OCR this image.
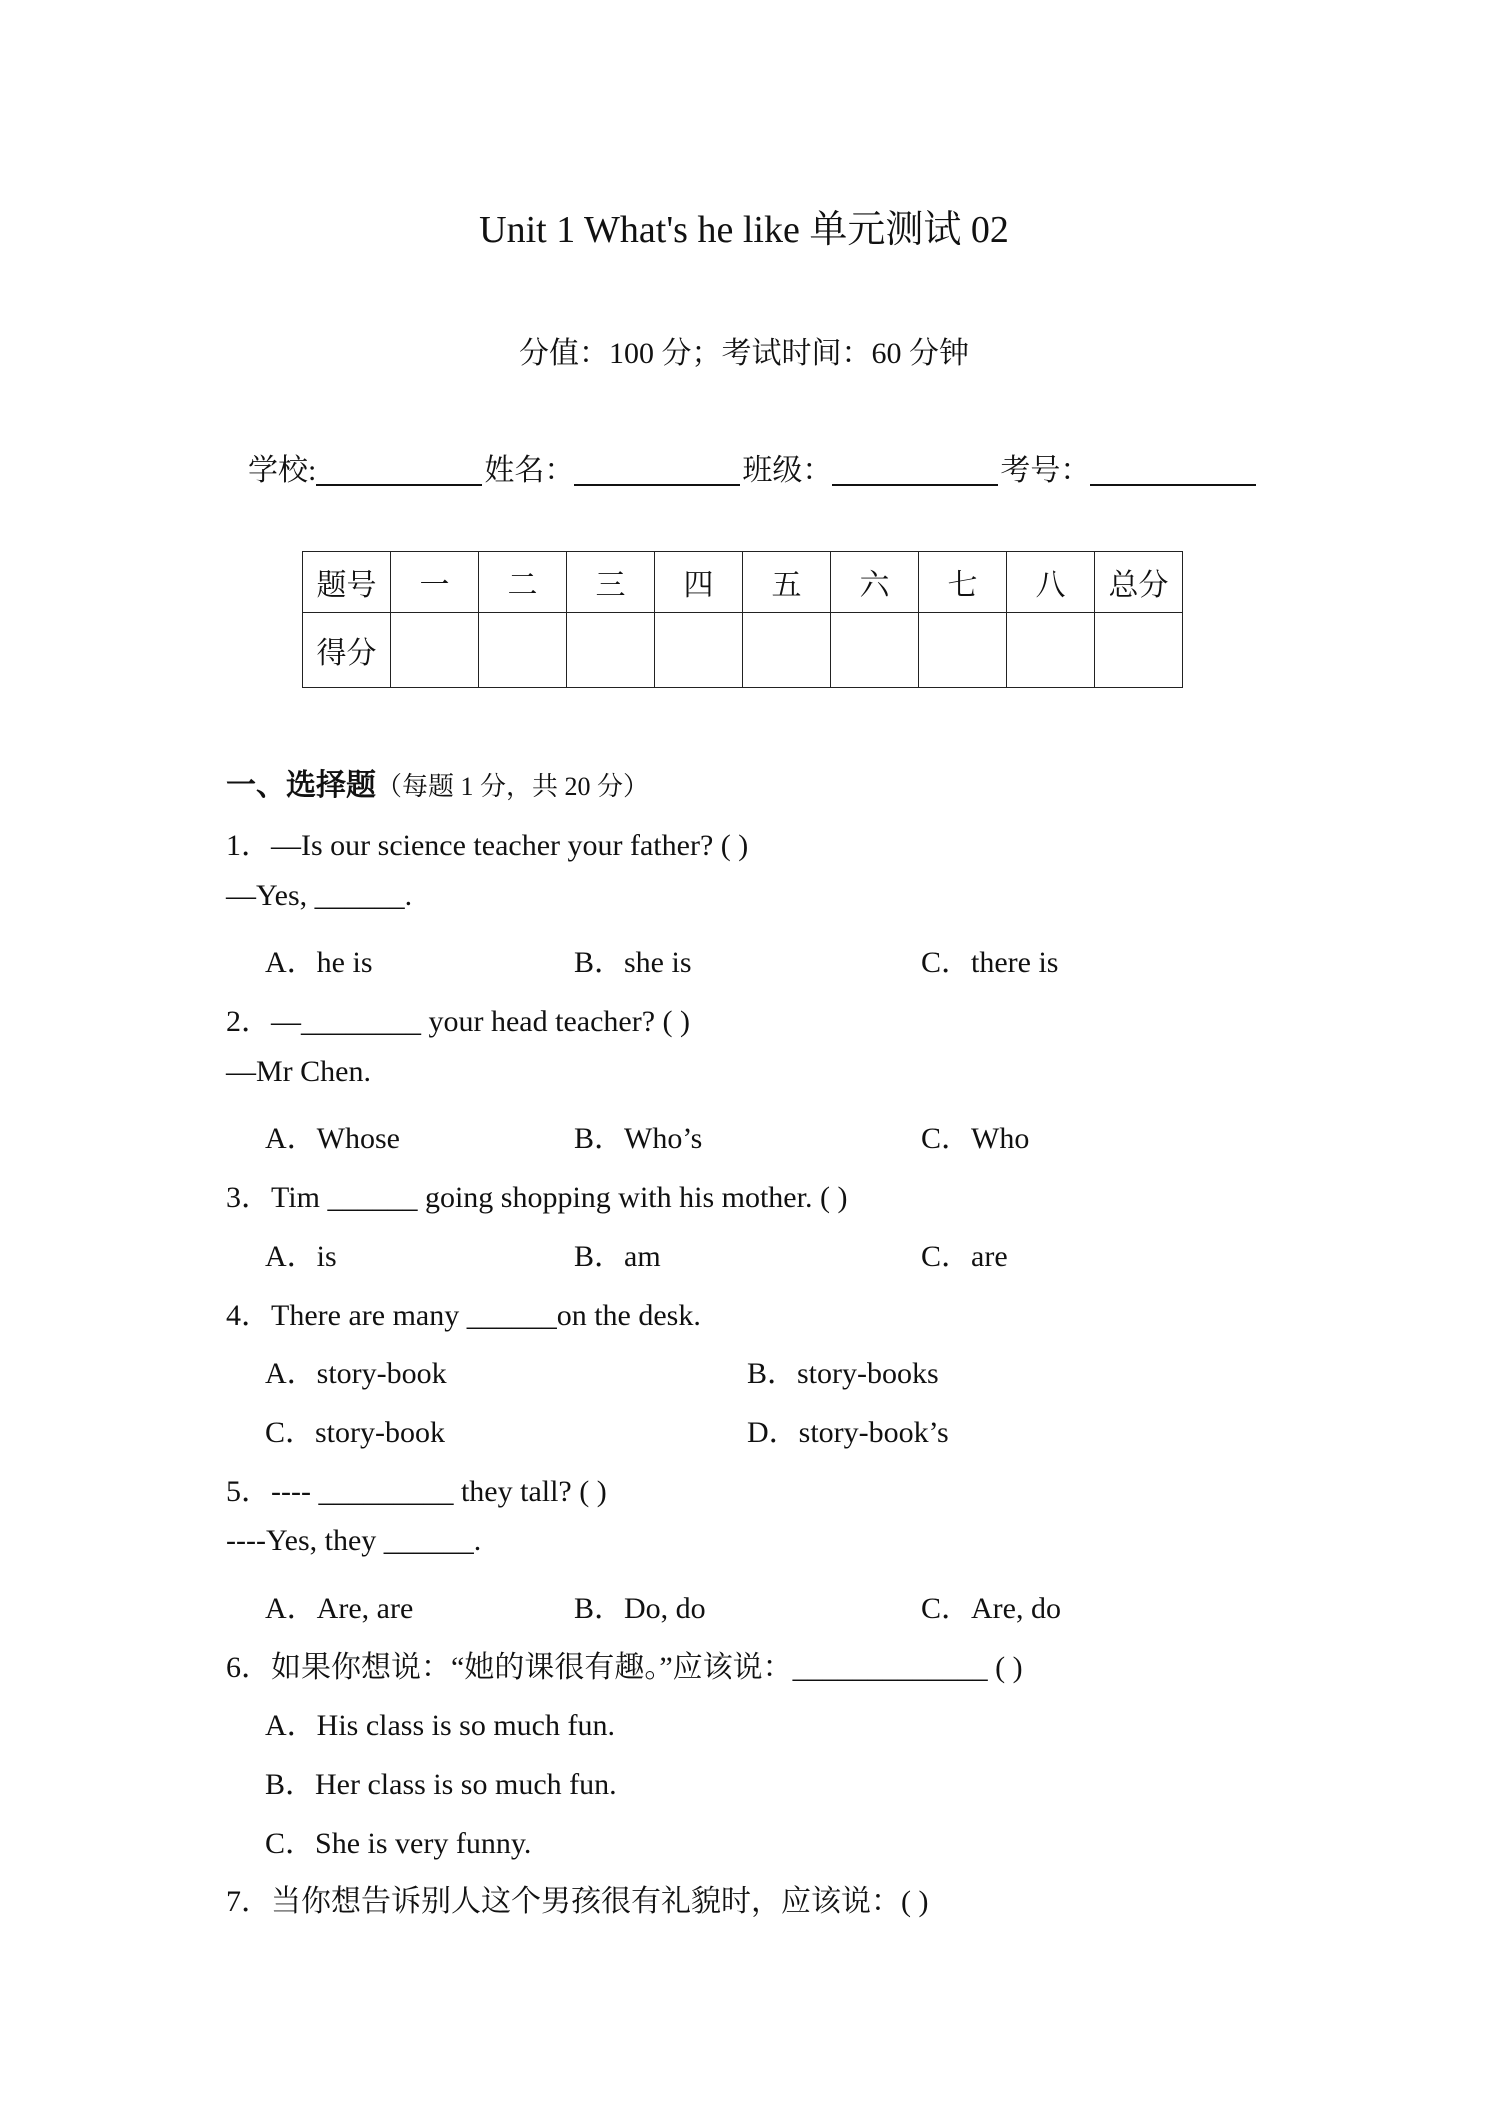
Unit 1 What's he like 单元测试 02
分值：100 分；考试时间：60 分钟
学校:	姓名：	班级：	考号：
题号	一	二	三	四	五	六	七	八	总分
得分									
一、选择题（每题 1 分，共 20 分）
1．—Is our science teacher your father? ( )
—Yes, ______.
A．he is	B．she is	C．there is
2．—________ your head teacher? ( )
—Mr Chen.
A．Whose	B．Who’s	C．Who
3．Tim ______ going shopping with his mother. ( )
A．is	B．am	C．are
4．There are many ______on the desk.
A．story-book	B．story-books
C．story-book	D．story-book’s
5．---- _________ they tall? ( )
----Yes, they ______.
A．Are, are	B．Do, do	C．Are, do
6．如果你想说：“她的课很有趣。”应该说：_____________ ( )
A．His class is so much fun.
B．Her class is so much fun.
C．She is very funny.
7．当你想告诉别人这个男孩很有礼貌时，应该说：( )
